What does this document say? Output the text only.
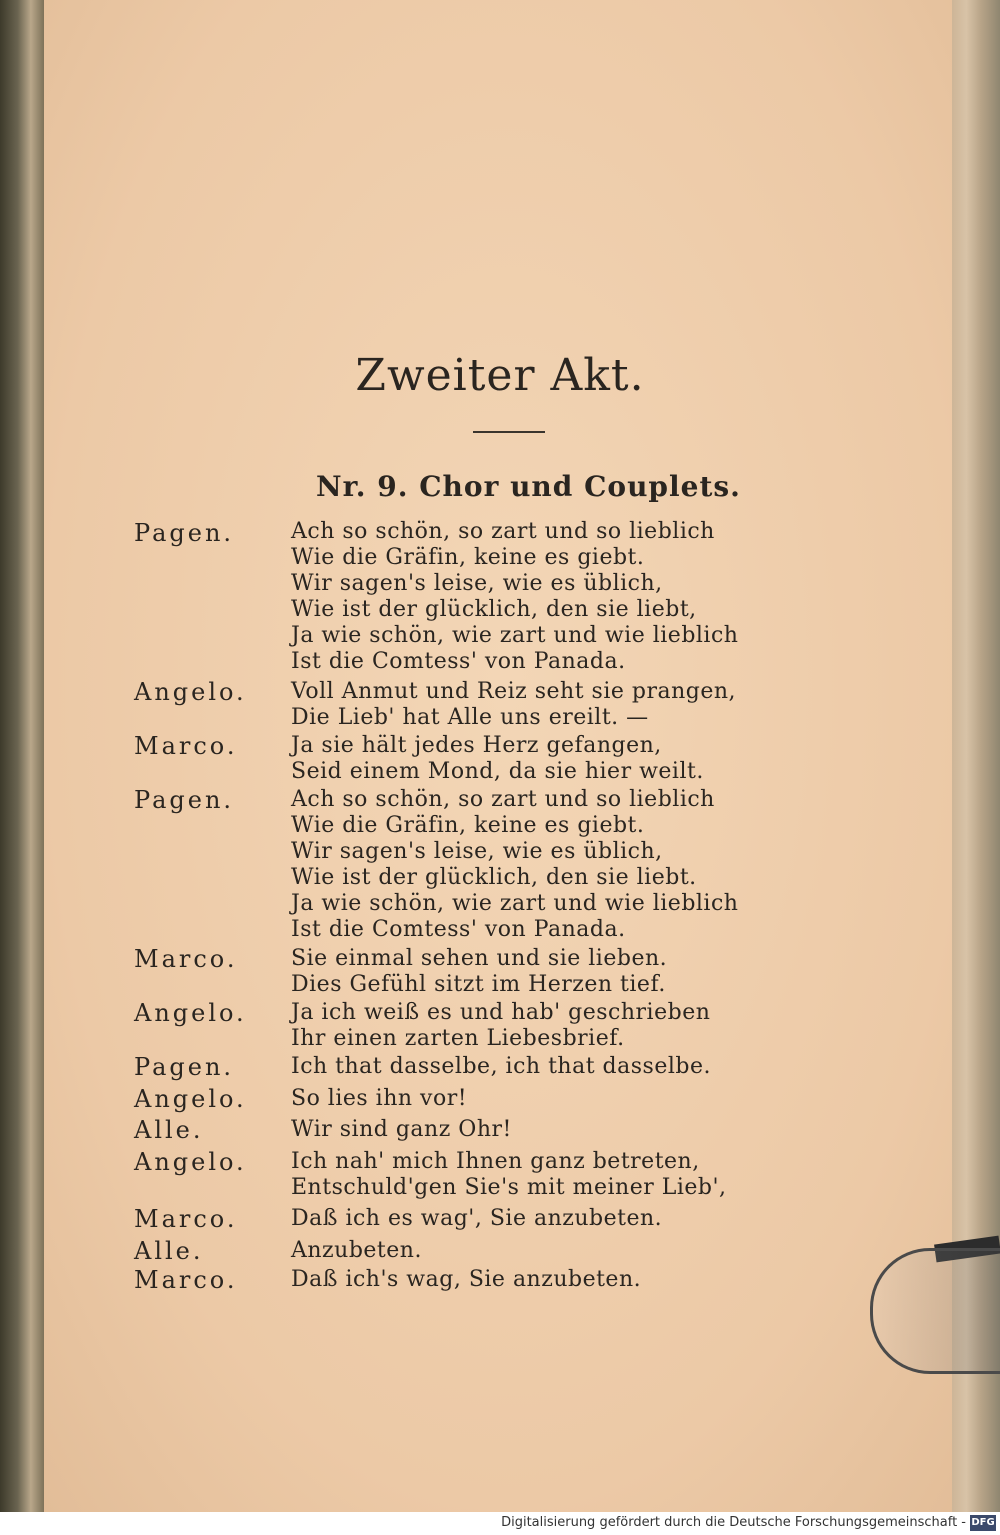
Zweiter Akt.
Nr. 9. Chor und Couplets.
Pagen.
Angelo.
Marco.
Pagen.
Marco.
Angelo.
Pagen.
Angelo.
Alle.
Angelo.
Marco.
Alle.
Marco.
Ach so schön, so zart und so lieblich
Wie die Gräfin, keine es giebt.
Wir sagen's leise, wie es üblich,
Wie ist der glücklich, den sie liebt,
Ja wie schön, wie zart und wie lieblich
Ist die Comtess' von Panada.
Voll Anmut und Reiz seht sie prangen,
Die Lieb' hat Alle uns ereilt. —
Ja sie hält jedes Herz gefangen,
Seid einem Mond, da sie hier weilt.
Ach so schön, so zart und so lieblich
Wie die Gräfin, keine es giebt.
Wir sagen's leise, wie es üblich,
Wie ist der glücklich, den sie liebt.
Ja wie schön, wie zart und wie lieblich
Ist die Comtess' von Panada.
Sie einmal sehen und sie lieben.
Dies Gefühl sitzt im Herzen tief.
Ja ich weiß es und hab' geschrieben
Ihr einen zarten Liebesbrief.
Ich that dasselbe, ich that dasselbe.
So lies ihn vor!
Wir sind ganz Ohr!
Ich nah' mich Ihnen ganz betreten,
Entschuld'gen Sie's mit meiner Lieb',
Daß ich es wag', Sie anzubeten.
Anzubeten.
Daß ich's wag, Sie anzubeten.
Digitalisierung gefördert durch die Deutsche Forschungsgemeinschaft - DFG
